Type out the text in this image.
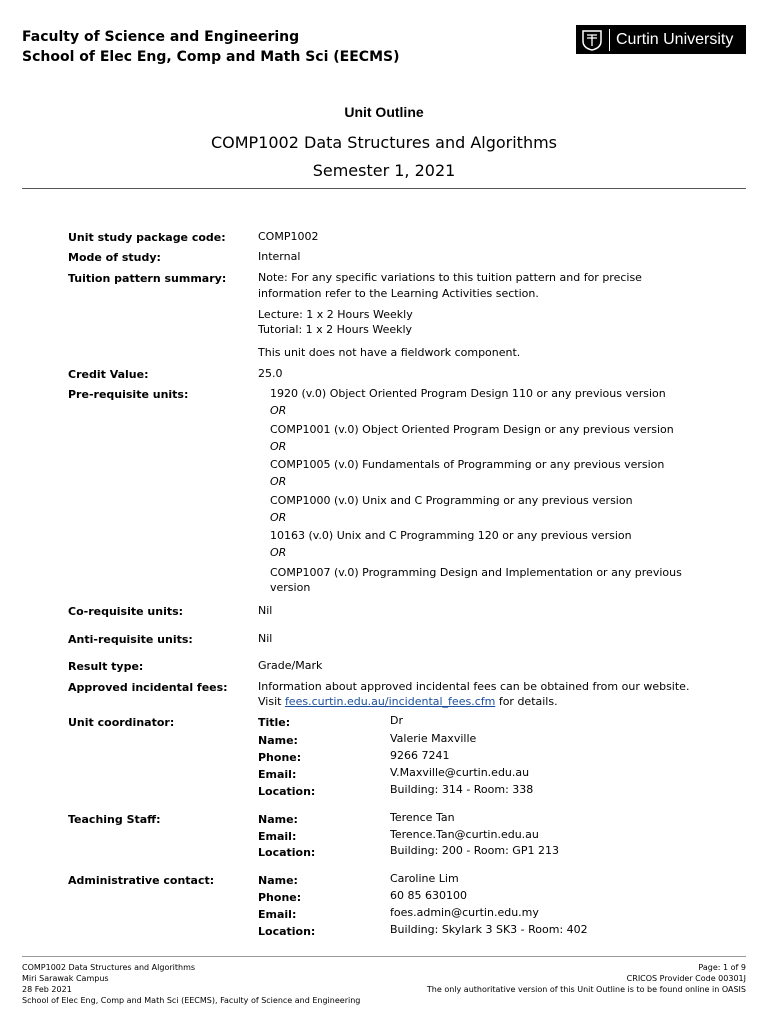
Faculty of Science and Engineering
School of Elec Eng, Comp and Math Sci (EECMS)
Curtin University
Unit Outline
COMP1002 Data Structures and Algorithms
Semester 1, 2021
Unit study package code:	COMP1002
Mode of study:	Internal
Tuition pattern summary:	Note: For any specific variations to this tuition pattern and for precise
information refer to the Learning Activities section.
Lecture: 1 x 2 Hours Weekly
Tutorial: 1 x 2 Hours Weekly
This unit does not have a fieldwork component.
Credit Value:	25.0
Pre-requisite units:	1920 (v.0) Object Oriented Program Design 110 or any previous version
OR
COMP1001 (v.0) Object Oriented Program Design or any previous version
OR
COMP1005 (v.0) Fundamentals of Programming or any previous version
OR
COMP1000 (v.0) Unix and C Programming or any previous version
OR
10163 (v.0) Unix and C Programming 120 or any previous version
OR
COMP1007 (v.0) Programming Design and Implementation or any previous
version
Co-requisite units:	Nil
Anti-requisite units:	Nil
Result type:	Grade/Mark
Approved incidental fees:	Information about approved incidental fees can be obtained from our website.
Visit fees.curtin.edu.au/incidental_fees.cfm for details.
Unit coordinator:	Title:	Dr
Name:	Valerie Maxville
Phone:	9266 7241
Email:	V.Maxville@curtin.edu.au
Location:	Building: 314 - Room: 338
Teaching Staff:	Name:	Terence Tan
Email:	Terence.Tan@curtin.edu.au
Location:	Building: 200 - Room: GP1 213
Administrative contact:	Name:	Caroline Lim
Phone:	60 85 630100
Email:	foes.admin@curtin.edu.my
Location:	Building: Skylark 3 SK3 - Room: 402
COMP1002 Data Structures and Algorithms
Miri Sarawak Campus
28 Feb 2021
School of Elec Eng, Comp and Math Sci (EECMS), Faculty of Science and Engineering
Page: 1 of 9
CRICOS Provider Code 00301J
The only authoritative version of this Unit Outline is to be found online in OASIS
